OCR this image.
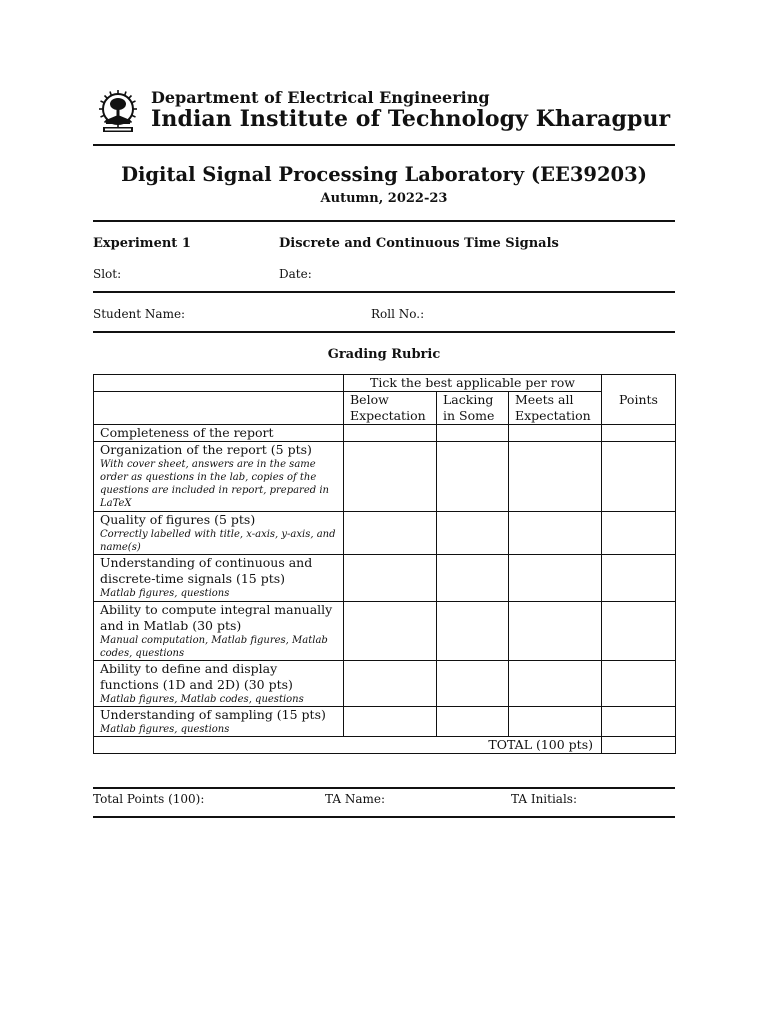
Department of Electrical Engineering
Indian Institute of Technology Kharagpur
Digital Signal Processing Laboratory (EE39203)
Autumn, 2022-23
Experiment 1	Discrete and Continuous Time Signals
Slot:	Date:
Student Name:	Roll No.:
Grading Rubric
	Tick the best applicable per row			Points
	Below Expectation	Lacking in Some	Meets all Expectation	

Completeness of the report				

Organization of the report (5 pts)
With cover sheet, answers are in the same order as questions in the lab, copies of the questions are included in report, prepared in LaTeX				

Quality of figures (5 pts)
Correctly labelled with title, x-axis, y-axis, and name(s)				

Understanding of continuous and discrete-time signals (15 pts)
Matlab figures, questions				

Ability to compute integral manually and in Matlab (30 pts)
Manual computation, Matlab figures, Matlab codes, questions				

Ability to define and display functions (1D and 2D) (30 pts)
Matlab figures, Matlab codes, questions				

Understanding of sampling (15 pts)
Matlab figures, questions				

TOTAL (100 pts)				
Total Points (100):	TA Name:	TA Initials:
